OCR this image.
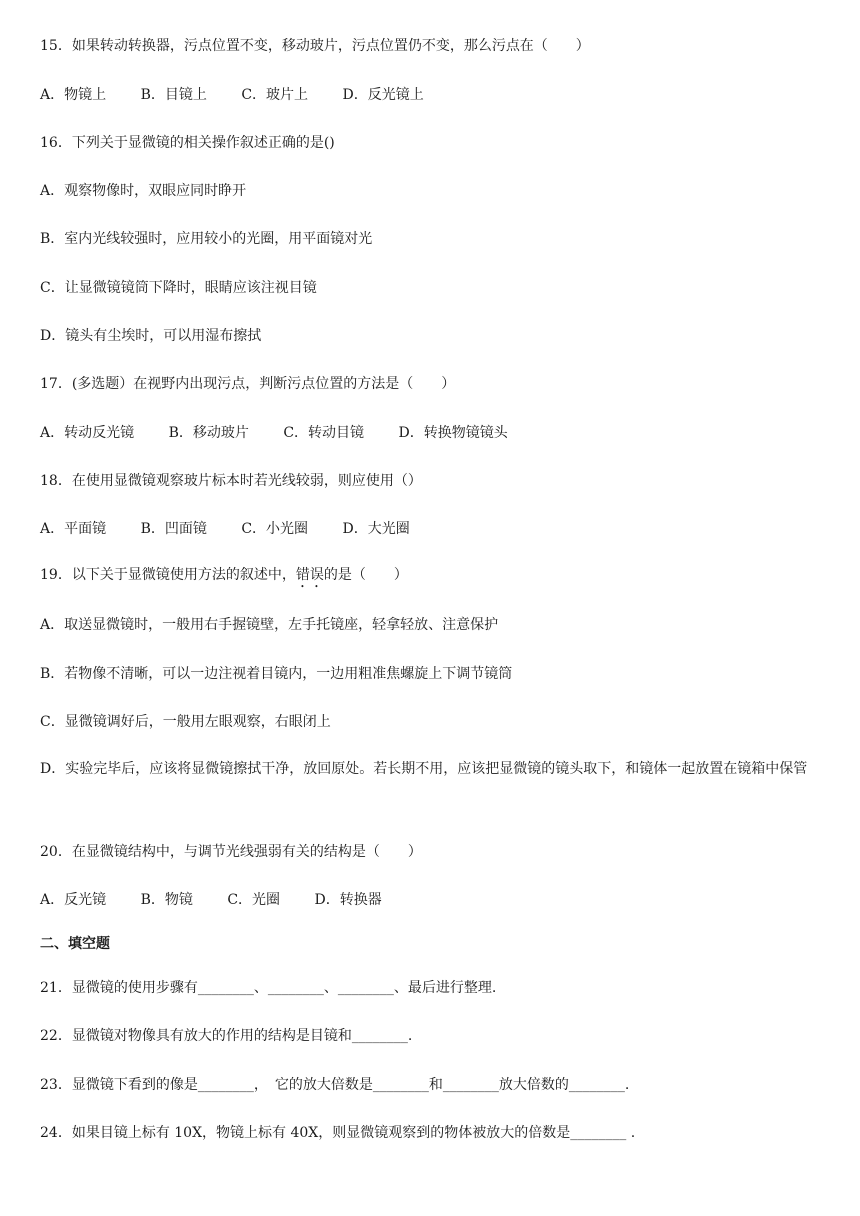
15．如果转动转换器，污点位置不变，移动玻片，污点位置仍不变，那么污点在（　　）
A．物镜上 B．目镜上 C．玻片上 D．反光镜上
16．下列关于显微镜的相关操作叙述正确的是()
A．观察物像时，双眼应同时睁开
B．室内光线较强时，应用较小的光圈，用平面镜对光
C．让显微镜镜筒下降时，眼睛应该注视目镜
D．镜头有尘埃时，可以用湿布擦拭
17．(多选题）在视野内出现污点，判断污点位置的方法是（　　）
A．转动反光镜 B．移动玻片 C．转动目镜 D．转换物镜镜头
18．在使用显微镜观察玻片标本时若光线较弱，则应使用（）
A．平面镜 B．凹面镜 C．小光圈 D．大光圈
19．以下关于显微镜使用方法的叙述中，错误的是（　　）
A．取送显微镜时，一般用右手握镜壁，左手托镜座，轻拿轻放、注意保护
B．若物像不清晰，可以一边注视着目镜内，一边用粗准焦螺旋上下调节镜筒
C．显微镜调好后，一般用左眼观察，右眼闭上
D．实验完毕后，应该将显微镜擦拭干净，放回原处。若长期不用，应该把显微镜的镜头取下，和镜体一起放置在镜箱中保管
20．在显微镜结构中，与调节光线强弱有关的结构是（　　）
A．反光镜 B．物镜 C．光圈 D．转换器
二、填空题
21．显微镜的使用步骤有________、________、________、最后进行整理.
22．显微镜对物像具有放大的作用的结构是目镜和________.
23．显微镜下看到的像是________，　它的放大倍数是________和________放大倍数的________.
24．如果目镜上标有 10X，物镜上标有 40X，则显微镜观察到的物体被放大的倍数是________ .
